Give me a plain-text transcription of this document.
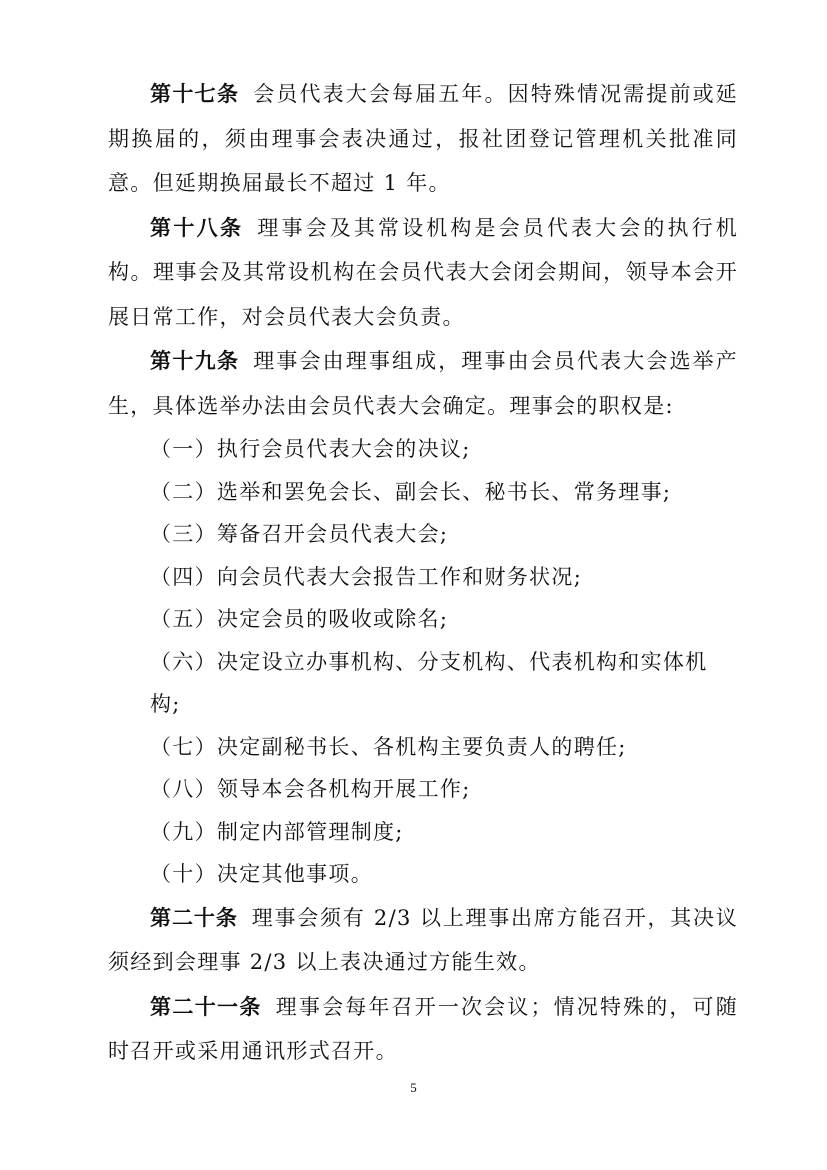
第十七条 会员代表大会每届五年。因特殊情况需提前或延期换届的，须由理事会表决通过，报社团登记管理机关批准同意。但延期换届最长不超过 1 年。

第十八条 理事会及其常设机构是会员代表大会的执行机构。理事会及其常设机构在会员代表大会闭会期间，领导本会开展日常工作，对会员代表大会负责。

第十九条 理事会由理事组成，理事由会员代表大会选举产生，具体选举办法由会员代表大会确定。理事会的职权是:

（一）执行会员代表大会的决议;

（二）选举和罢免会长、副会长、秘书长、常务理事;

（三）筹备召开会员代表大会;

（四）向会员代表大会报告工作和财务状况;

（五）决定会员的吸收或除名;

（六）决定设立办事机构、分支机构、代表机构和实体机构;

（七）决定副秘书长、各机构主要负责人的聘任;

（八）领导本会各机构开展工作;

（九）制定内部管理制度;

（十）决定其他事项。

第二十条 理事会须有 2/3 以上理事出席方能召开，其决议须经到会理事 2/3 以上表决通过方能生效。

第二十一条 理事会每年召开一次会议；情况特殊的，可随时召开或采用通讯形式召开。

5
